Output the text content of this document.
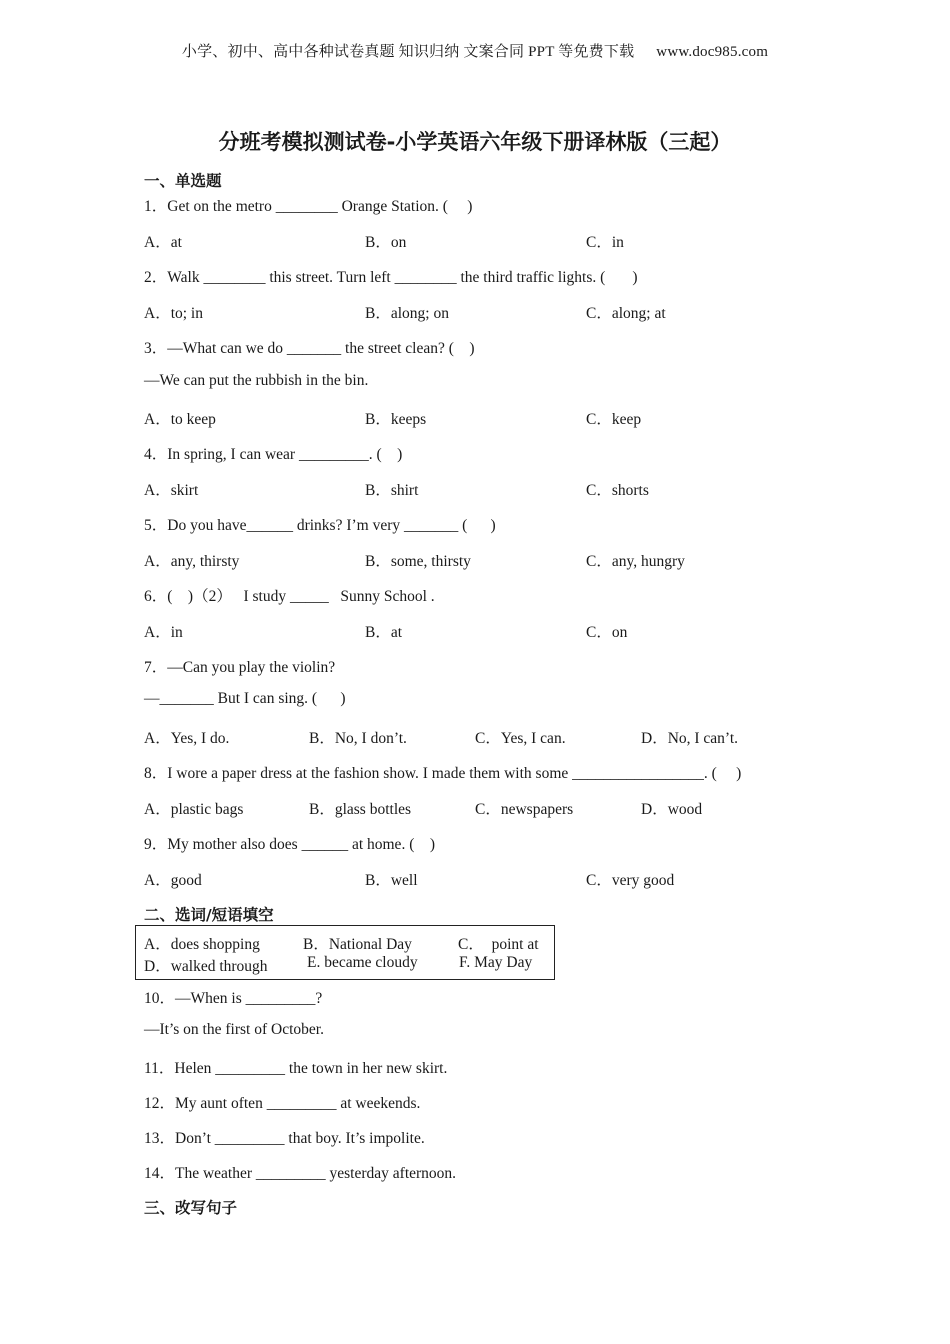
小学、初中、高中各种试卷真题 知识归纳 文案合同 PPT 等免费下载 www.doc985.com
分班考模拟测试卷-小学英语六年级下册译林版（三起）
一、单选题
1．Get on the metro ________ Orange Station. (     )
A．at	B．on	C．in
2．Walk ________ this street. Turn left ________ the third traffic lights. (       )
A．to; in	B．along; on	C．along; at
3．—What can we do _______ the street clean? (    )
—We can put the rubbish in the bin.
A．to keep	B．keeps	C．keep
4．In spring, I can wear _________. (    )
A．skirt	B．shirt	C．shorts
5．Do you have______ drinks? I’m very _______ (      )
A．any, thirsty	B．some, thirsty	C．any, hungry
6．(    )（2）   I study _____   Sunny School .
A．in	B．at	C．on
7．—Can you play the violin?
—_______ But I can sing. (      )
A．Yes, I do.	B．No, I don’t.	C．Yes, I can.	D．No, I can’t.
8．I wore a paper dress at the fashion show. I made them with some _________________. (     )
A．plastic bags	B．glass bottles	C．newspapers	D．wood
9．My mother also does ______ at home. (    )
A．good	B．well	C．very good
二、选词/短语填空
A．does shopping	B．National Day	C．  point at
D．walked through	E. became cloudy	F. May Day
10．—When is _________?
—It’s on the first of October.
11．Helen _________ the town in her new skirt.
12．My aunt often _________ at weekends.
13．Don’t _________ that boy. It’s impolite.
14．The weather _________ yesterday afternoon.
三、改写句子
